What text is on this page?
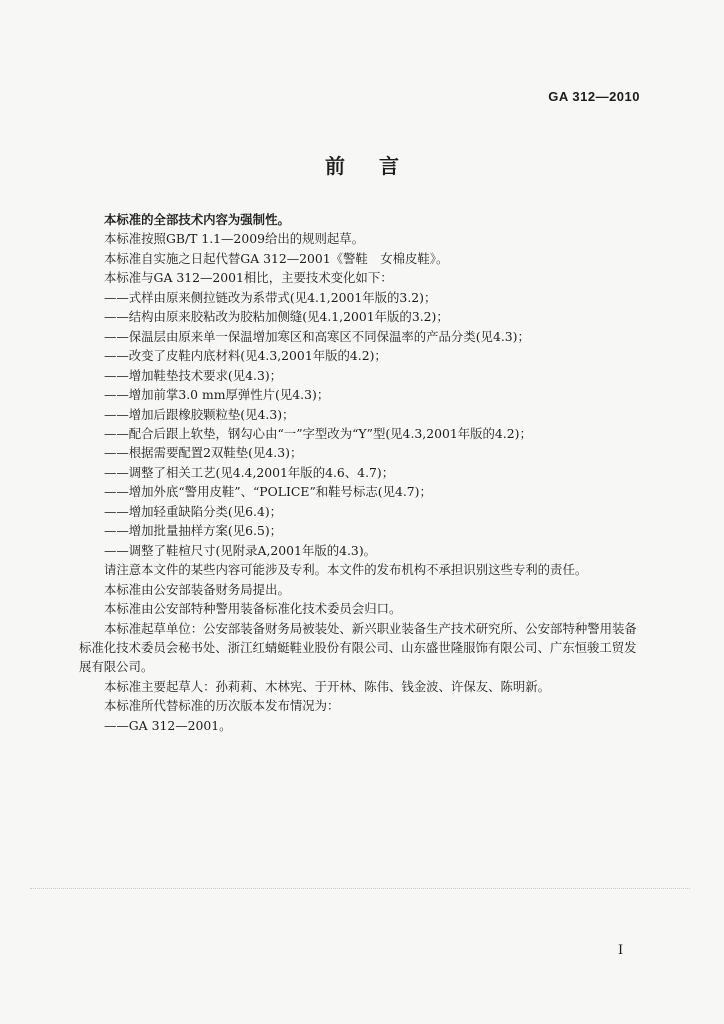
GA 312—2010
前言

本标准的全部技术内容为强制性。

本标准按照GB/T 1.1—2009给出的规则起草。

本标准自实施之日起代替GA 312—2001《警鞋　女棉皮鞋》。

本标准与GA 312—2001相比，主要技术变化如下：

——式样由原来侧拉链改为系带式(见4.1,2001年版的3.2)；

——结构由原来胶粘改为胶粘加侧缝(见4.1,2001年版的3.2)；

——保温层由原来单一保温增加寒区和高寒区不同保温率的产品分类(见4.3)；

——改变了皮鞋内底材料(见4.3,2001年版的4.2)；

——增加鞋垫技术要求(见4.3)；

——增加前掌3.0 mm厚弹性片(见4.3)；

——增加后跟橡胶颗粒垫(见4.3)；

——配合后跟上软垫，钢勾心由“一”字型改为“Y”型(见4.3,2001年版的4.2)；

——根据需要配置2双鞋垫(见4.3)；

——调整了相关工艺(见4.4,2001年版的4.6、4.7)；

——增加外底“警用皮鞋”、“POLICE”和鞋号标志(见4.7)；

——增加轻重缺陷分类(见6.4)；

——增加批量抽样方案(见6.5)；

——调整了鞋楦尺寸(见附录A,2001年版的4.3)。

请注意本文件的某些内容可能涉及专利。本文件的发布机构不承担识别这些专利的责任。

本标准由公安部装备财务局提出。

本标准由公安部特种警用装备标准化技术委员会归口。

本标准起草单位：公安部装备财务局被装处、新兴职业装备生产技术研究所、公安部特种警用装备标准化技术委员会秘书处、浙江红蜻蜓鞋业股份有限公司、山东盛世隆服饰有限公司、广东恒骏工贸发展有限公司。

本标准主要起草人：孙莉莉、木林宪、于开林、陈伟、钱金波、许保友、陈明新。

本标准所代替标准的历次版本发布情况为：

——GA 312—2001。

I
